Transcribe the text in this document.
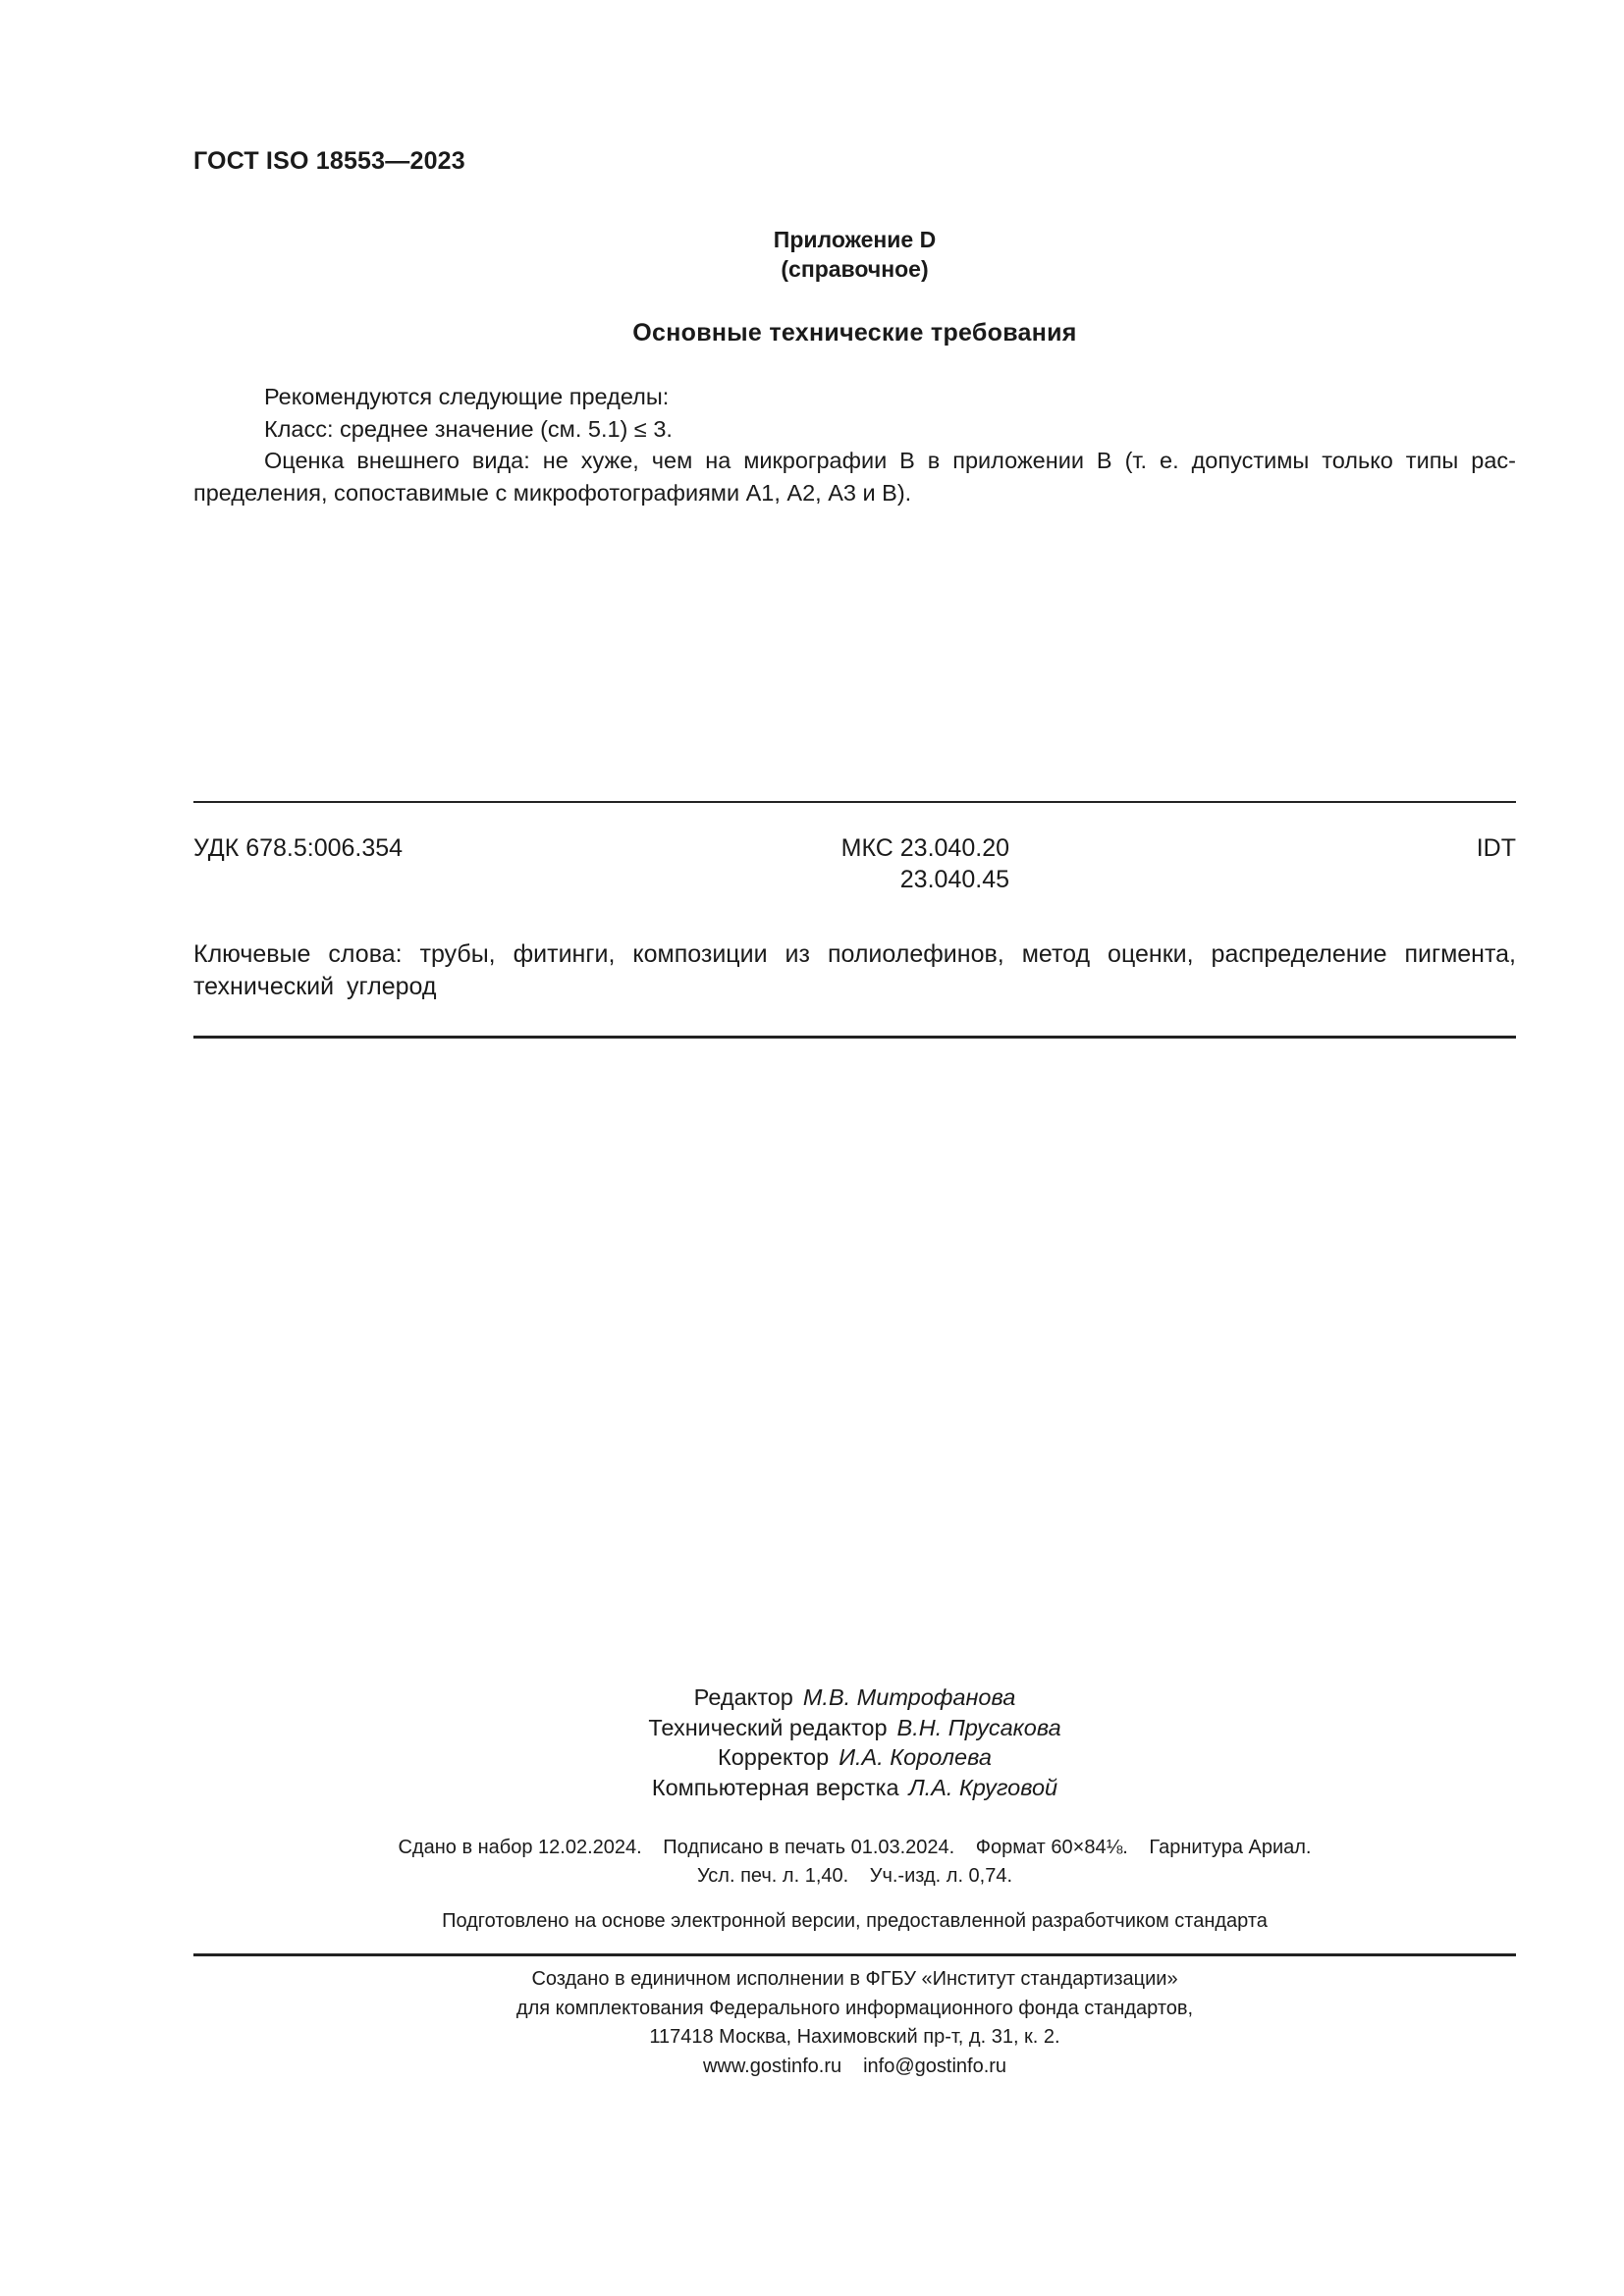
ГОСТ ISO 18553—2023
Приложение D
(справочное)
Основные технические требования

Рекомендуются следующие пределы:

Класс: среднее значение (см. 5.1) ≤ 3.

Оценка внешнего вида: не хуже, чем на микрографии В в приложении В (т. е. допустимы только типы рас-пределения, сопоставимые с микрофотографиями А1, А2, А3 и В).

УДК 678.5:006.354	МКС 23.040.20
23.040.45
IDT
Ключевые слова: трубы, фитинги, композиции из полиолефинов, метод оценки, распределение пигмента, технический углерод
Редактор М.В. Митрофанова
Технический редактор В.Н. Прусакова
Корректор И.А. Королева
Компьютерная верстка Л.А. Круговой
Сдано в набор 12.02.2024. Подписано в печать 01.03.2024. Формат 60×84⅛. Гарнитура Ариал.
Усл. печ. л. 1,40. Уч.-изд. л. 0,74.
Подготовлено на основе электронной версии, предоставленной разработчиком стандарта
Создано в единичном исполнении в ФГБУ «Институт стандартизации»
для комплектования Федерального информационного фонда стандартов,
117418 Москва, Нахимовский пр-т, д. 31, к. 2.
www.gostinfo.ru info@gostinfo.ru
